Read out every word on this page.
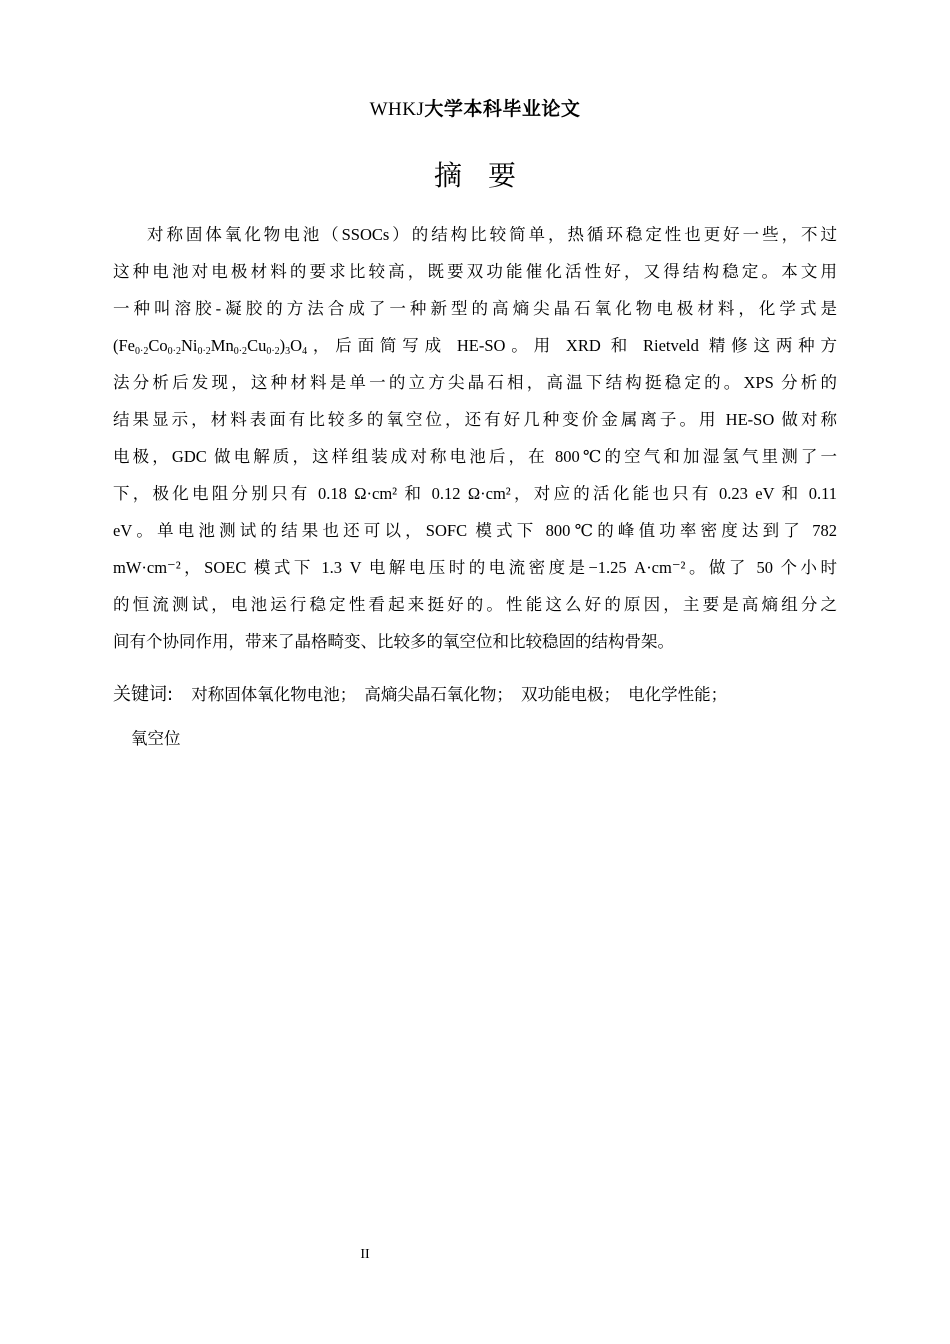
WHKJ大学本科毕业论文
摘要
对称固体氧化物电池（SSOCs）的结构比较简单，热循环稳定性也更好一些，不过
这种电池对电极材料的要求比较高，既要双功能催化活性好，又得结构稳定。本文用
一种叫溶胶-凝胶的方法合成了一种新型的高熵尖晶石氧化物电极材料，化学式是
$(Fe_{0\cdot 2}Co_{0\cdot 2}Ni_{0\cdot 2}Mn_{0\cdot 2}Cu_{0\cdot 2})_3O_4$，后面简写成 HE-SO。用 XRD 和 Rietveld 精修这两种方
法分析后发现，这种材料是单一的立方尖晶石相，高温下结构挺稳定的。XPS 分析的
结果显示，材料表面有比较多的氧空位，还有好几种变价金属离子。用 HE-SO 做对称
电极，GDC 做电解质，这样组装成对称电池后，在 800℃的空气和加湿氢气里测了一
下，极化电阻分别只有 0.18 Ω·cm² 和 0.12 Ω·cm²，对应的活化能也只有 0.23 eV 和 0.11
eV。单电池测试的结果也还可以，SOFC 模式下 800℃的峰值功率密度达到了 782
mW·cm⁻²，SOEC 模式下 1.3 V 电解电压时的电流密度是−1.25 A·cm⁻²。做了 50 个小时
的恒流测试，电池运行稳定性看起来挺好的。性能这么好的原因，主要是高熵组分之
间有个协同作用，带来了晶格畸变、比较多的氧空位和比较稳固的结构骨架。
关键词: 对称固体氧化物电池； 高熵尖晶石氧化物； 双功能电极； 电化学性能；
氧空位
II
